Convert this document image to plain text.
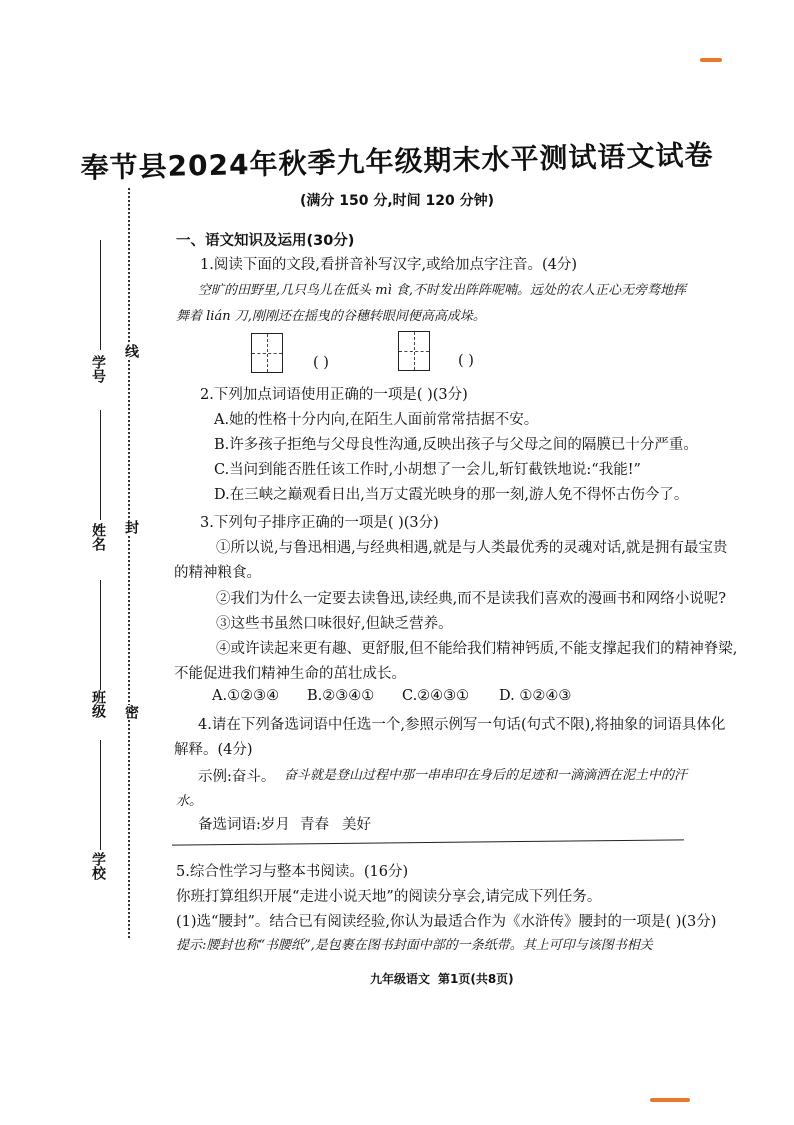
奉节县2024年秋季九年级期末水平测试语文试卷
(满分 150 分,时间 120 分钟)
学号
线
姓名 封
班级 密
学校
一、语文知识及运用(30分)
1.阅读下面的文段,看拼音补写汉字,或给加点字注音。(4分)
空旷的田野里,几只鸟儿在低头 mì 食,不时发出阵阵呢喃。远处的农人正心无旁骛地挥
舞着 lián 刀,刚刚还在摇曳的谷穗转眼间便高高成垛。
( )	( )
2.下列加点词语使用正确的一项是( )(3分)
A.她的性格十分内向,在陌生人面前常常拮据不安。
B.许多孩子拒绝与父母良性沟通,反映出孩子与父母之间的隔膜已十分严重。
C.当问到能否胜任该工作时,小胡想了一会儿,斩钉截铁地说:“我能!”
D.在三峡之巅观看日出,当万丈霞光映身的那一刻,游人免不得怀古伤今了。
3.下列句子排序正确的一项是( )(3分)
①所以说,与鲁迅相遇,与经典相遇,就是与人类最优秀的灵魂对话,就是拥有最宝贵
的精神粮食。
②我们为什么一定要去读鲁迅,读经典,而不是读我们喜欢的漫画书和网络小说呢?
③这些书虽然口味很好,但缺乏营养。
④或许读起来更有趣、更舒服,但不能给我们精神钙质,不能支撑起我们的精神脊梁,
不能促进我们精神生命的茁壮成长。
A.①②③④ B.②③④① C.②④③① D. ①②④③
4.请在下列备选词语中任选一个,参照示例写一句话(句式不限),将抽象的词语具体化
解释。(4分)
示例:奋斗。 奋斗就是登山过程中那一串串印在身后的足迹和一滴滴洒在泥土中的汗
水。
备选词语:岁月 青春 美好
5.综合性学习与整本书阅读。(16分)
你班打算组织开展“走进小说天地”的阅读分享会,请完成下列任务。
(1)选“腰封”。结合已有阅读经验,你认为最适合作为《水浒传》腰封的一项是( )(3分)
提示:腰封也称“书腰纸”,是包裹在图书封面中部的一条纸带。其上可印与该图书相关
九年级语文 第1页(共8页)
